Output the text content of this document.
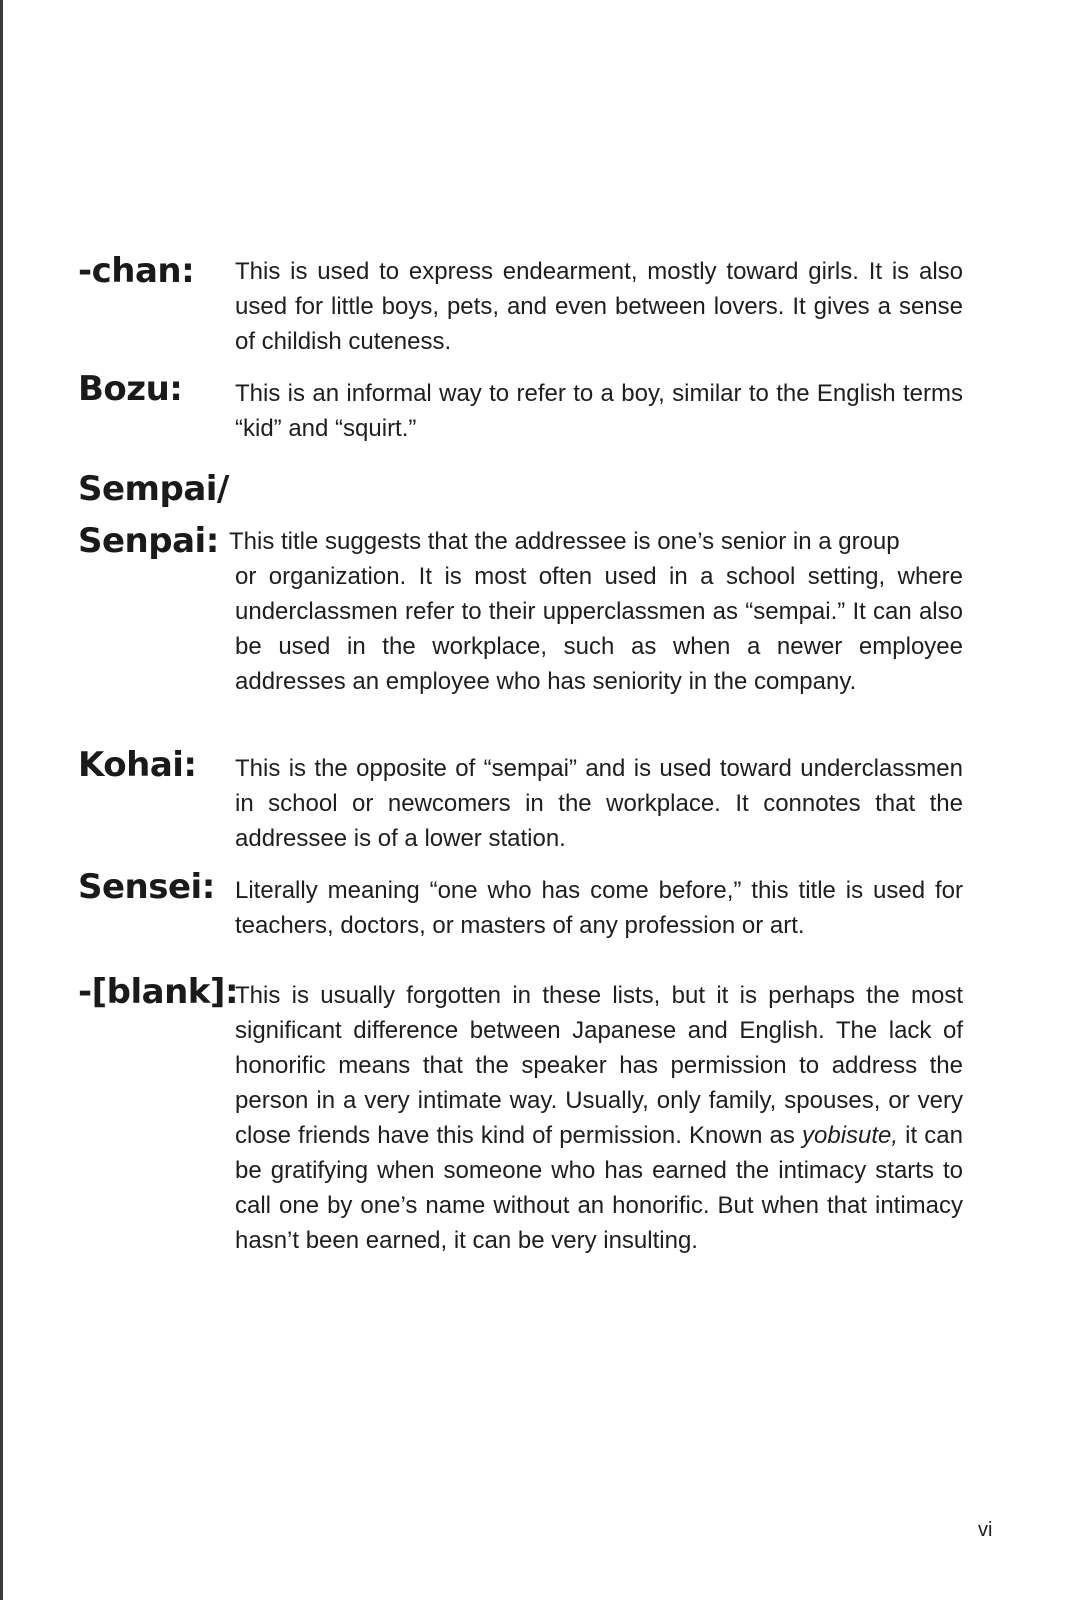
-chan: This is used to express endearment, mostly toward girls. It is also used for little boys, pets, and even between lovers. It gives a sense of childish cuteness.

Bozu: This is an informal way to refer to a boy, similar to the English terms “kid” and “squirt.”

Sempai/
Senpai: This title suggests that the addressee is one’s senior in a group

or organization. It is most often used in a school setting, where underclassmen refer to their upperclassmen as “sempai.” It can also be used in the workplace, such as when a newer employee addresses an employee who has seniority in the company.

Kohai: This is the opposite of “sempai” and is used toward underclassmen in school or newcomers in the workplace. It connotes that the addressee is of a lower station.

Sensei: Literally meaning “one who has come before,” this title is used for teachers, doctors, or masters of any profession or art.

-[blank]:

This is usually forgotten in these lists, but it is perhaps the most significant difference between Japanese and English. The lack of honorific means that the speaker has permission to address the person in a very intimate way. Usually, only family, spouses, or very close friends have this kind of permission. Known as yobisute, it can be gratifying when someone who has earned the intimacy starts to call one by one’s name without an honorific. But when that intimacy hasn’t been earned, it can be very insulting.

vi
